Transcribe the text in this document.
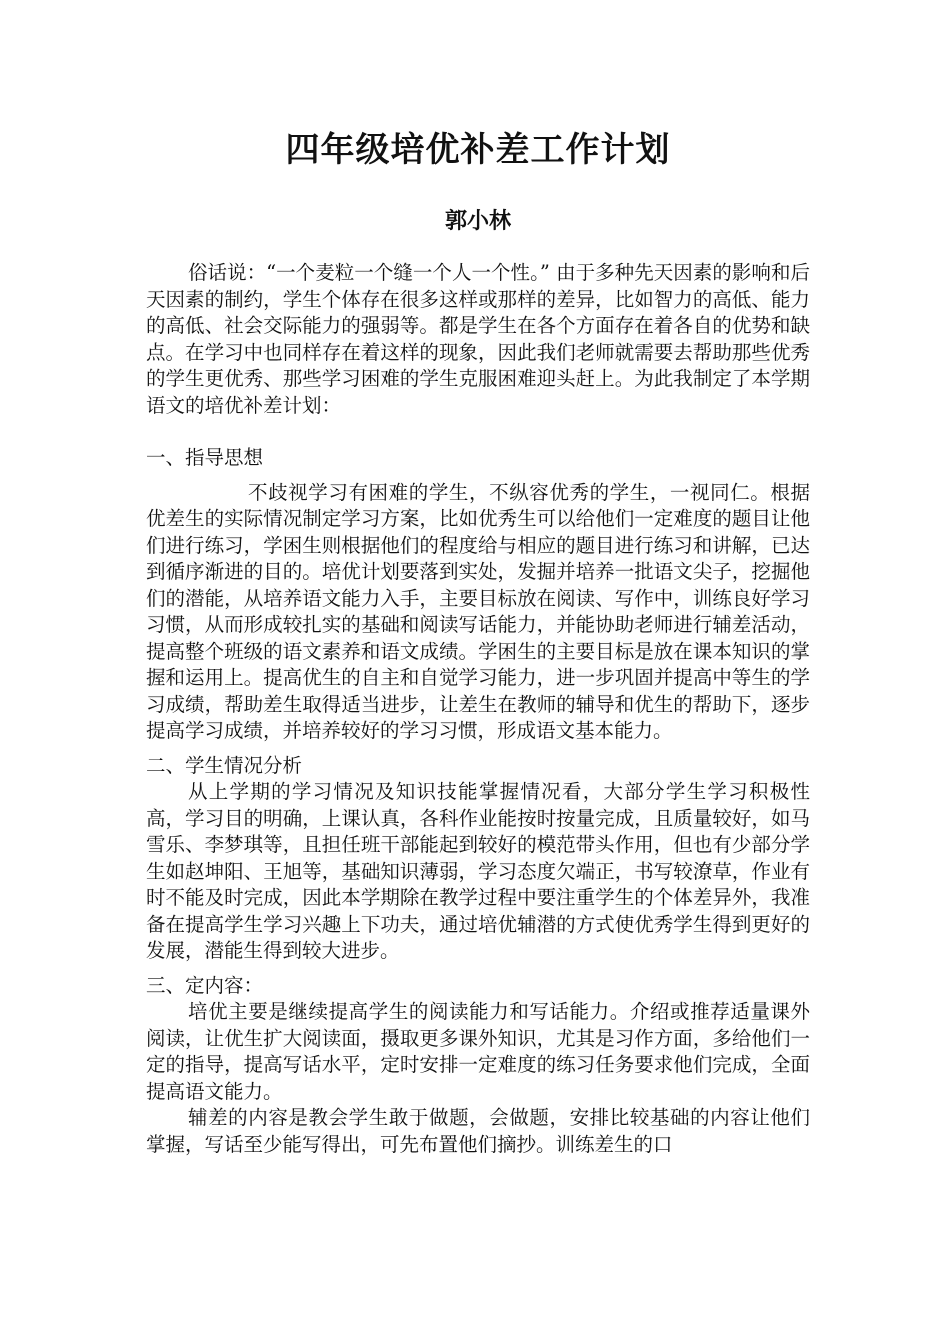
四年级培优补差工作计划
郭小林

俗话说：“一个麦粒一个缝一个人一个性。” 由于多种先天因素的影响和后天因素的制约，学生个体存在很多这样或那样的差异，比如智力的高低、能力的高低、社会交际能力的强弱等。都是学生在各个方面存在着各自的优势和缺点。在学习中也同样存在着这样的现象，因此我们老师就需要去帮助那些优秀的学生更优秀、那些学习困难的学生克服困难迎头赶上。为此我制定了本学期语文的培优补差计划：

一、指导思想

不歧视学习有困难的学生，不纵容优秀的学生，一视同仁。根据优差生的实际情况制定学习方案，比如优秀生可以给他们一定难度的题目让他们进行练习，学困生则根据他们的程度给与相应的题目进行练习和讲解，已达到循序渐进的目的。培优计划要落到实处，发掘并培养一批语文尖子，挖掘他们的潜能，从培养语文能力入手，主要目标放在阅读、写作中，训练良好学习习惯，从而形成较扎实的基础和阅读写话能力，并能协助老师进行辅差活动，提高整个班级的语文素养和语文成绩。学困生的主要目标是放在课本知识的掌握和运用上。提高优生的自主和自觉学习能力，进一步巩固并提高中等生的学习成绩，帮助差生取得适当进步，让差生在教师的辅导和优生的帮助下，逐步提高学习成绩，并培养较好的学习习惯，形成语文基本能力。

二、学生情况分析

从上学期的学习情况及知识技能掌握情况看，大部分学生学习积极性高，学习目的明确，上课认真，各科作业能按时按量完成，且质量较好，如马雪乐、李梦琪等，且担任班干部能起到较好的模范带头作用，但也有少部分学生如赵坤阳、王旭等，基础知识薄弱，学习态度欠端正，书写较潦草，作业有时不能及时完成，因此本学期除在教学过程中要注重学生的个体差异外，我准备在提高学生学习兴趣上下功夫，通过培优辅潜的方式使优秀学生得到更好的发展，潜能生得到较大进步。

三、定内容：

培优主要是继续提高学生的阅读能力和写话能力。介绍或推荐适量课外阅读，让优生扩大阅读面，摄取更多课外知识，尤其是习作方面，多给他们一定的指导，提高写话水平，定时安排一定难度的练习任务要求他们完成，全面提高语文能力。

辅差的内容是教会学生敢于做题，会做题，安排比较基础的内容让他们掌握，写话至少能写得出，可先布置他们摘抄。训练差生的口
